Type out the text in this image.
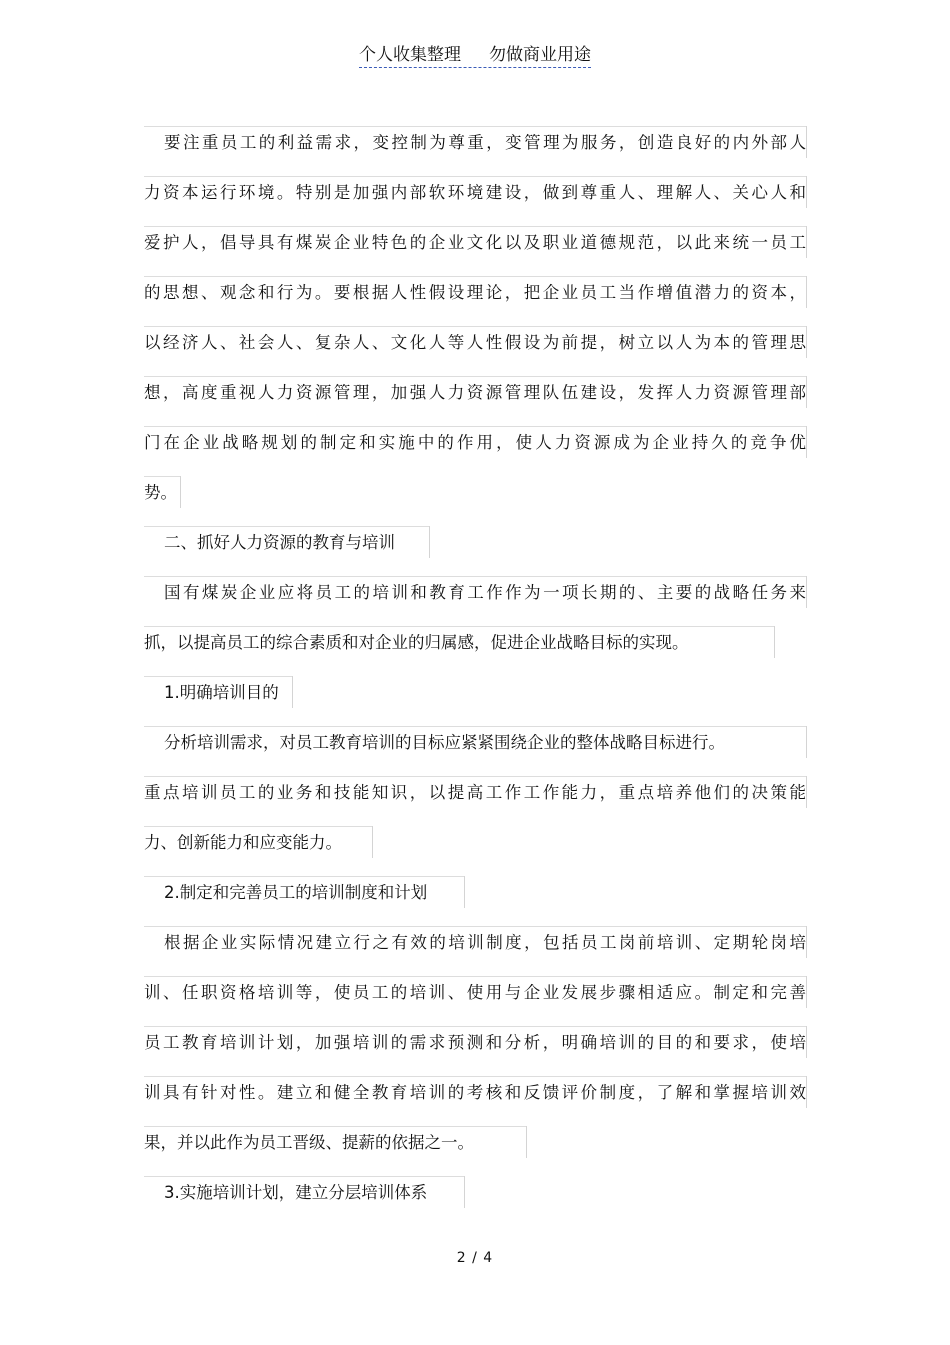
个人收集整理 勿做商业用途
要注重员工的利益需求，变控制为尊重，变管理为服务，创造良好的内外部人
力资本运行环境。特别是加强内部软环境建设，做到尊重人、理解人、关心人和
爱护人，倡导具有煤炭企业特色的企业文化以及职业道德规范，以此来统一员工
的思想、观念和行为。要根据人性假设理论，把企业员工当作增值潜力的资本，
以经济人、社会人、复杂人、文化人等人性假设为前提，树立以人为本的管理思
想，高度重视人力资源管理，加强人力资源管理队伍建设，发挥人力资源管理部
门在企业战略规划的制定和实施中的作用，使人力资源成为企业持久的竞争优
势。
二、抓好人力资源的教育与培训
国有煤炭企业应将员工的培训和教育工作作为一项长期的、主要的战略任务来
抓，以提高员工的综合素质和对企业的归属感，促进企业战略目标的实现。
1.明确培训目的
分析培训需求，对员工教育培训的目标应紧紧围绕企业的整体战略目标进行。
重点培训员工的业务和技能知识，以提高工作工作能力，重点培养他们的决策能
力、创新能力和应变能力。
2.制定和完善员工的培训制度和计划
根据企业实际情况建立行之有效的培训制度，包括员工岗前培训、定期轮岗培
训、任职资格培训等，使员工的培训、使用与企业发展步骤相适应。制定和完善
员工教育培训计划，加强培训的需求预测和分析，明确培训的目的和要求，使培
训具有针对性。建立和健全教育培训的考核和反馈评价制度，了解和掌握培训效
果，并以此作为员工晋级、提薪的依据之一。
3.实施培训计划，建立分层培训体系
2 / 4
